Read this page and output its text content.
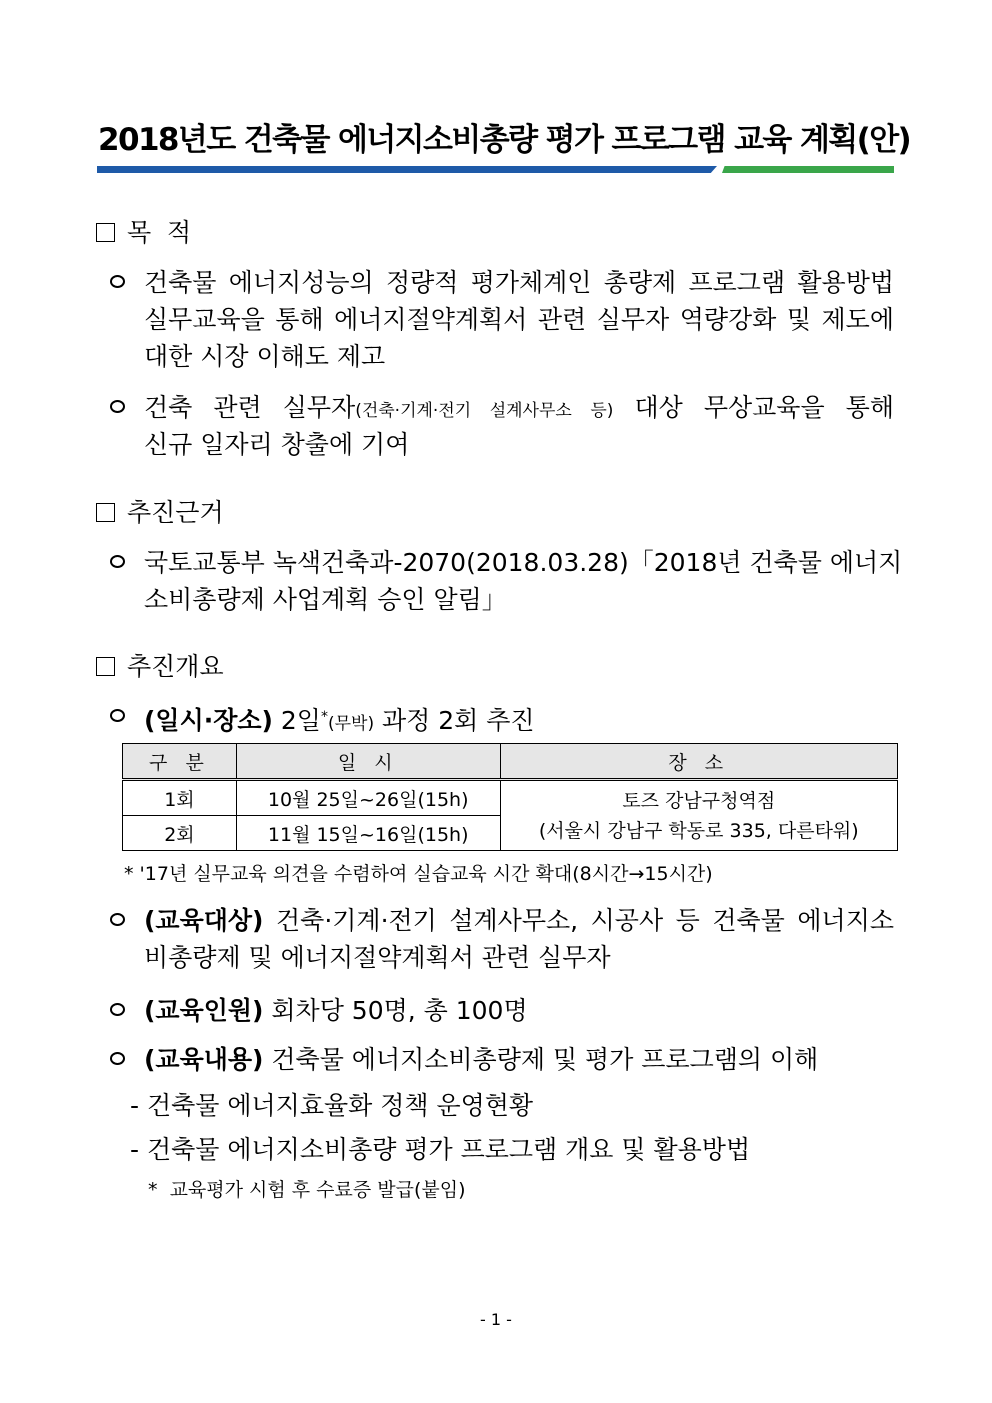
2018년도 건축물 에너지소비총량 평가 프로그램 교육 계획(안)
목  적
건축물 에너지성능의 정량적 평가체계인 총량제 프로그램 활용방법
실무교육을 통해 에너지절약계획서 관련 실무자 역량강화 및 제도에
대한 시장 이해도 제고
건축 관련 실무자(건축·기계·전기 설계사무소 등) 대상 무상교육을 통해
신규 일자리 창출에 기여
추진근거
국토교통부 녹색건축과-2070(2018.03.28)「2018년 건축물 에너지
소비총량제 사업계획 승인 알림」
추진개요
(일시·장소) 2일*(무박) 과정 2회 추진
구 분	일 시	장 소
1회	10월 25일~26일(15h)	토즈 강남구청역점
(서울시 강남구 학동로 335, 다른타워)

2회	11월 15일~16일(15h)	
* '17년 실무교육 의견을 수렴하여 실습교육 시간 확대(8시간→15시간)
(교육대상) 건축·기계·전기 설계사무소, 시공사 등 건축물 에너지소
비총량제 및 에너지절약계획서 관련 실무자
(교육인원) 회차당 50명, 총 100명
(교육내용) 건축물 에너지소비총량제 및 평가 프로그램의 이해
- 건축물 에너지효율화 정책 운영현황
- 건축물 에너지소비총량 평가 프로그램 개요 및 활용방법
*  교육평가 시험 후 수료증 발급(붙임)
- 1 -
